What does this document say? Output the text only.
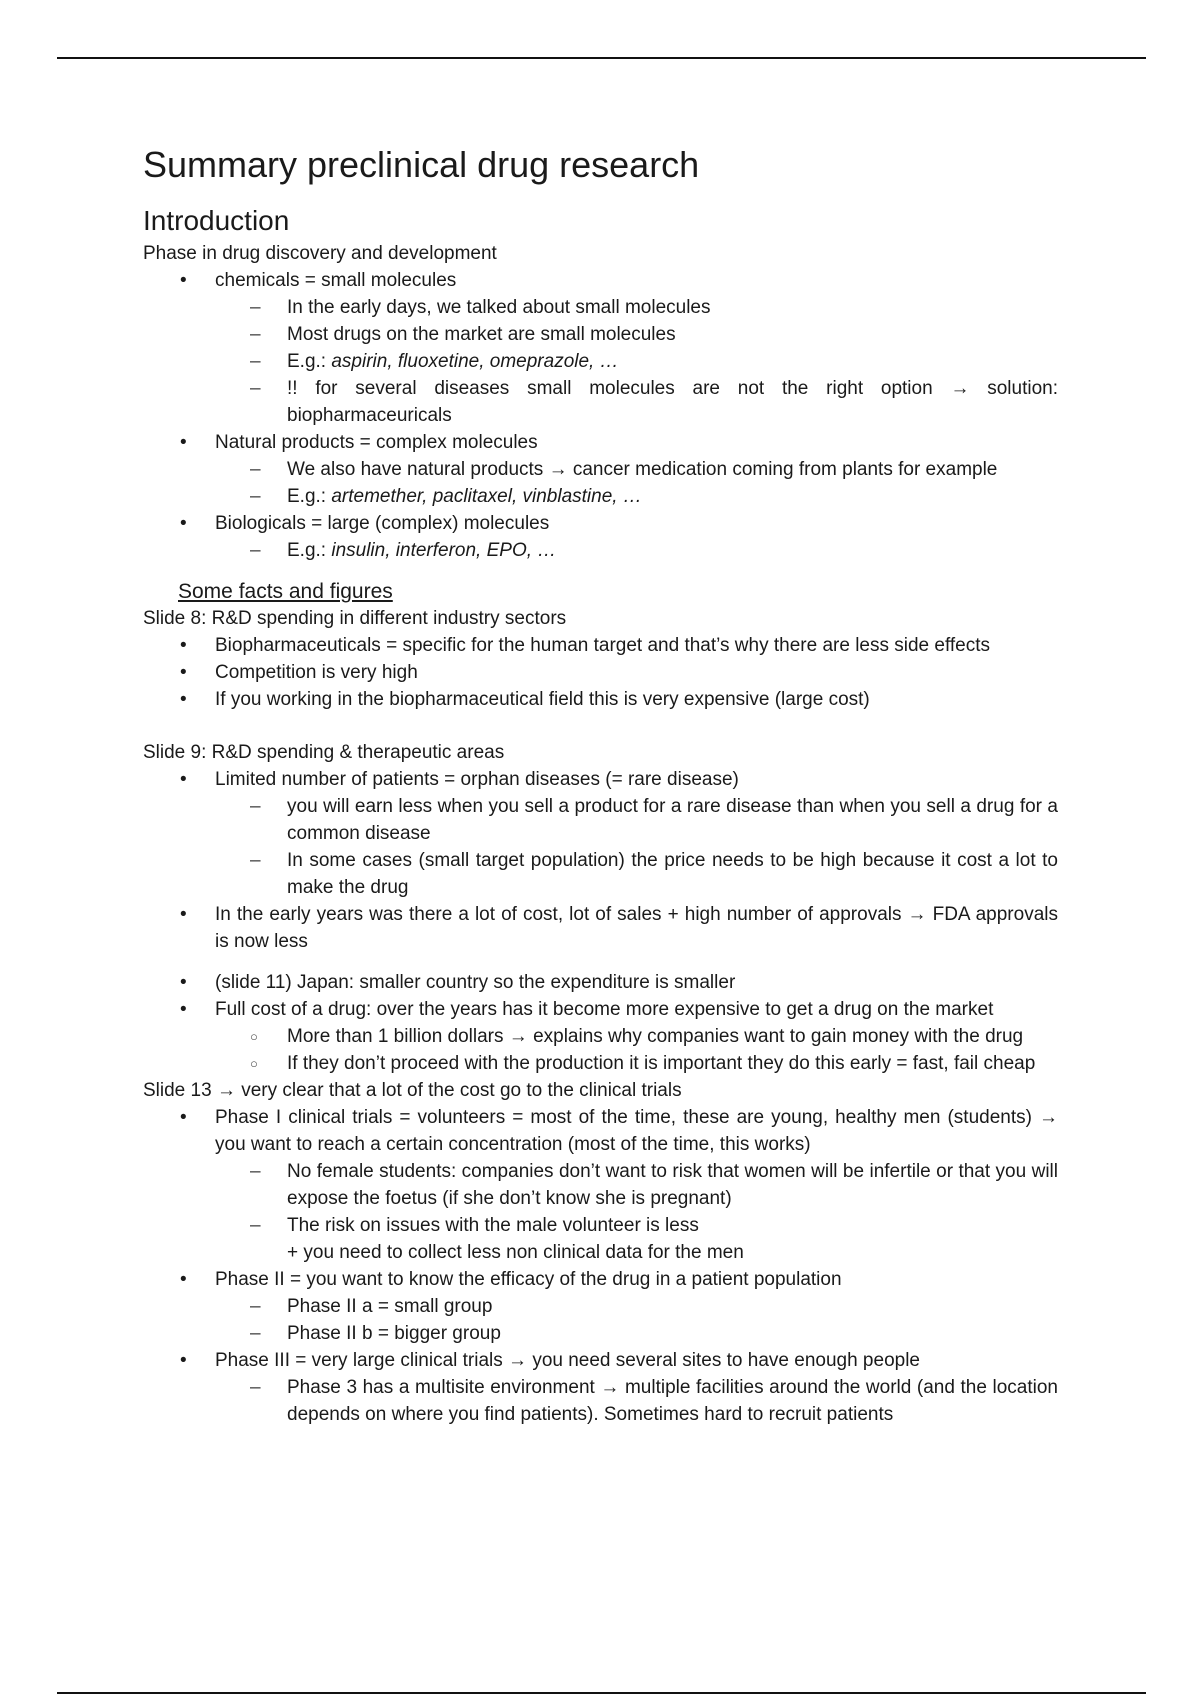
Summary preclinical drug research
Introduction

Phase in drug discovery and development

• chemicals = small molecules
– In the early days, we talked about small molecules
– Most drugs on the market are small molecules
– E.g.: aspirin, fluoxetine, omeprazole, …
– !! for several diseases small molecules are not the right option → solution: biopharmaceuricals
• Natural products = complex molecules
– We also have natural products → cancer medication coming from plants for example
– E.g.: artemether, paclitaxel, vinblastine, …
• Biologicals = large (complex) molecules
– E.g.: insulin, interferon, EPO, …
Some facts and figures

Slide 8: R&D spending in different industry sectors

• Biopharmaceuticals = specific for the human target and that’s why there are less side effects
• Competition is very high
• If you working in the biopharmaceutical field this is very expensive (large cost)

Slide 9: R&D spending & therapeutic areas

• Limited number of patients = orphan diseases (= rare disease)
– you will earn less when you sell a product for a rare disease than when you sell a drug for a common disease
– In some cases (small target population) the price needs to be high because it cost a lot to make the drug
• In the early years was there a lot of cost, lot of sales + high number of approvals → FDA approvals is now less
• (slide 11) Japan: smaller country so the expenditure is smaller
• Full cost of a drug: over the years has it become more expensive to get a drug on the market
○ More than 1 billion dollars → explains why companies want to gain money with the drug
○ If they don’t proceed with the production it is important they do this early = fast, fail cheap

Slide 13 → very clear that a lot of the cost go to the clinical trials

• Phase I clinical trials = volunteers = most of the time, these are young, healthy men (students) → you want to reach a certain concentration (most of the time, this works)
– No female students: companies don’t want to risk that women will be infertile or that you will expose the foetus (if she don’t know she is pregnant)
– The risk on issues with the male volunteer is less
+ you need to collect less non clinical data for the men
• Phase II = you want to know the efficacy of the drug in a patient population
– Phase II a = small group
– Phase II b = bigger group
• Phase III = very large clinical trials → you need several sites to have enough people
– Phase 3 has a multisite environment → multiple facilities around the world (and the location depends on where you find patients). Sometimes hard to recruit patients
